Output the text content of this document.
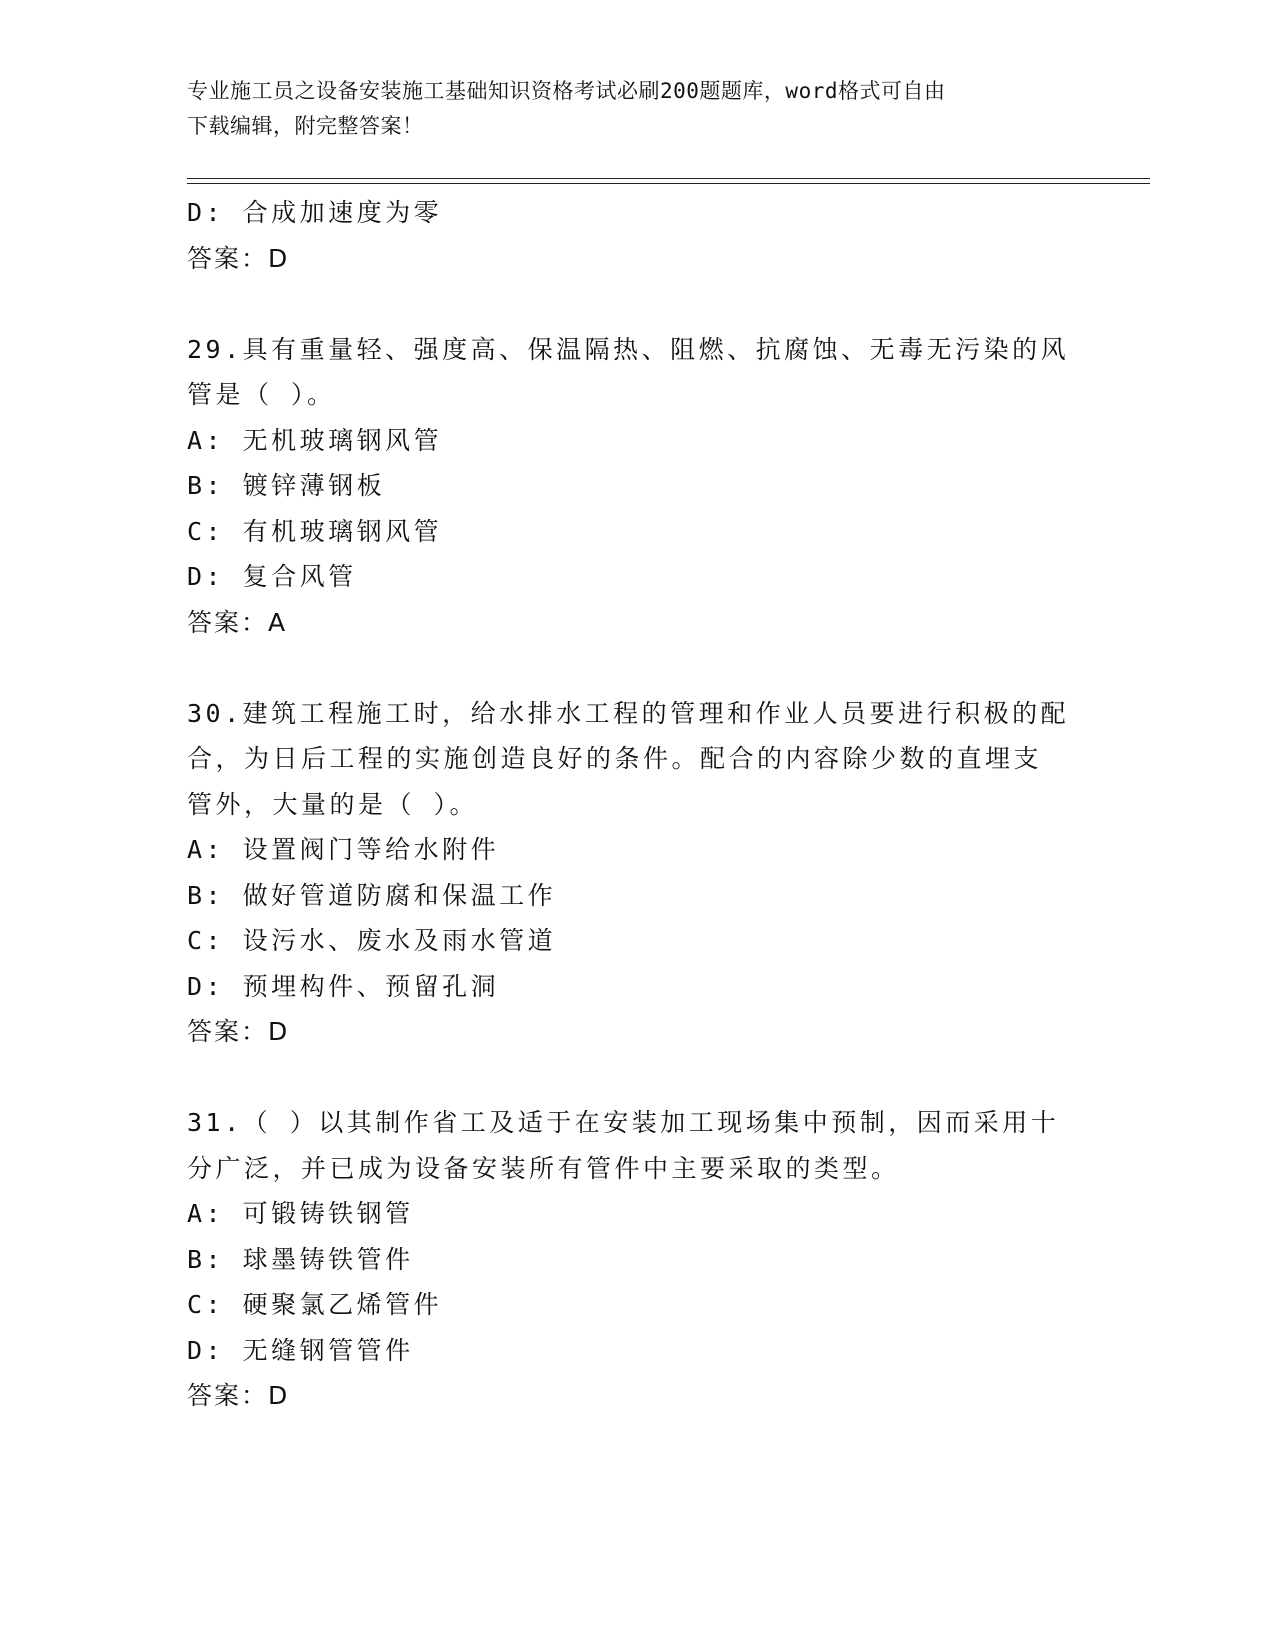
专业施工员之设备安装施工基础知识资格考试必刷200题题库，word格式可自由
下载编辑，附完整答案！
D: 合成加速度为零
答案：D
29.具有重量轻、强度高、保温隔热、阻燃、抗腐蚀、无毒无污染的风
管是（ ）。
A: 无机玻璃钢风管
B: 镀锌薄钢板
C: 有机玻璃钢风管
D: 复合风管
答案：A
30.建筑工程施工时，给水排水工程的管理和作业人员要进行积极的配
合，为日后工程的实施创造良好的条件。配合的内容除少数的直埋支
管外，大量的是（ ）。
A: 设置阀门等给水附件
B: 做好管道防腐和保温工作
C: 设污水、废水及雨水管道
D: 预埋构件、预留孔洞
答案：D
31.（ ）以其制作省工及适于在安装加工现场集中预制，因而采用十
分广泛，并已成为设备安装所有管件中主要采取的类型。
A: 可锻铸铁钢管
B: 球墨铸铁管件
C: 硬聚氯乙烯管件
D: 无缝钢管管件
答案：D
